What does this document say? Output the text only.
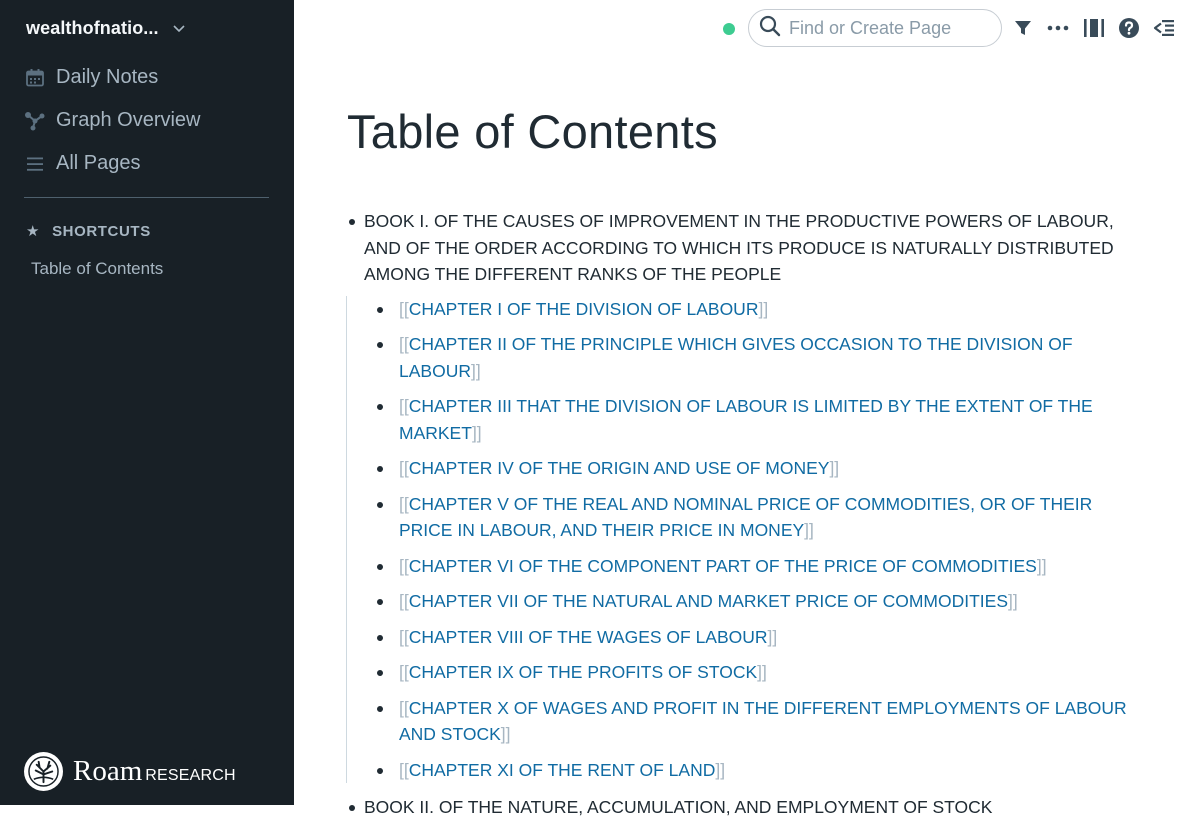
wealthofnatio...
Daily Notes
Graph Overview
All Pages
★ SHORTCUTS
Table of Contents
Roam RESEARCH
Find or Create Page
Table of Contents
BOOK I. OF THE CAUSES OF IMPROVEMENT IN THE PRODUCTIVE POWERS OF LABOUR, AND OF THE ORDER ACCORDING TO WHICH ITS PRODUCE IS NATURALLY DISTRIBUTED AMONG THE DIFFERENT RANKS OF THE PEOPLE
[[CHAPTER I OF THE DIVISION OF LABOUR]]
[[CHAPTER II OF THE PRINCIPLE WHICH GIVES OCCASION TO THE DIVISION OF LABOUR]]
[[CHAPTER III THAT THE DIVISION OF LABOUR IS LIMITED BY THE EXTENT OF THE MARKET]]
[[CHAPTER IV OF THE ORIGIN AND USE OF MONEY]]
[[CHAPTER V OF THE REAL AND NOMINAL PRICE OF COMMODITIES, OR OF THEIR PRICE IN LABOUR, AND THEIR PRICE IN MONEY]]
[[CHAPTER VI OF THE COMPONENT PART OF THE PRICE OF COMMODITIES]]
[[CHAPTER VII OF THE NATURAL AND MARKET PRICE OF COMMODITIES]]
[[CHAPTER VIII OF THE WAGES OF LABOUR]]
[[CHAPTER IX OF THE PROFITS OF STOCK]]
[[CHAPTER X OF WAGES AND PROFIT IN THE DIFFERENT EMPLOYMENTS OF LABOUR AND STOCK]]
[[CHAPTER XI OF THE RENT OF LAND]]
BOOK II. OF THE NATURE, ACCUMULATION, AND EMPLOYMENT OF STOCK
